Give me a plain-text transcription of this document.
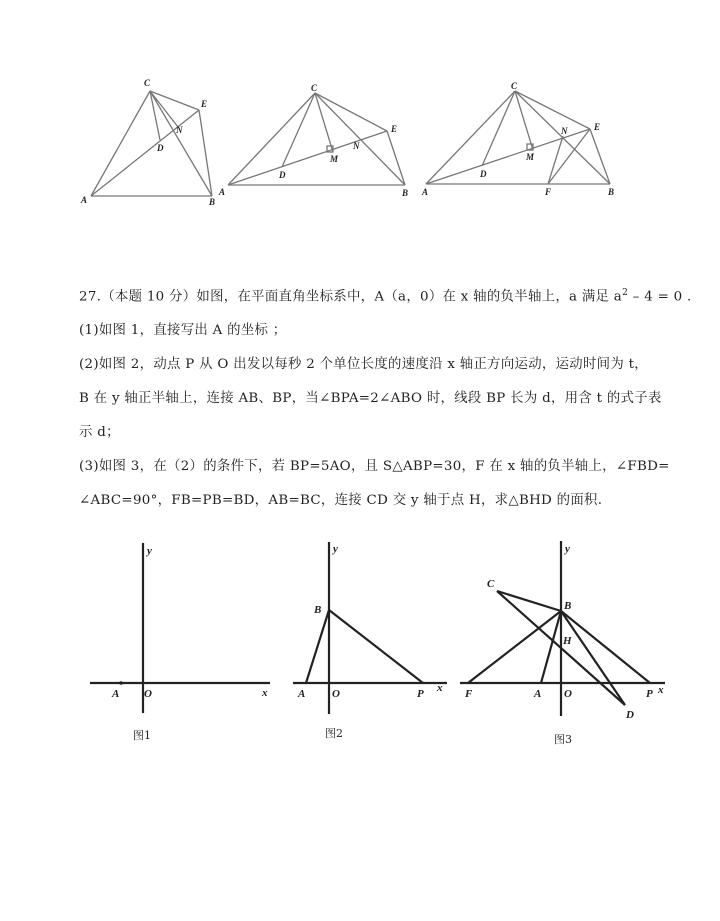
C
E
N
D
A	B
C
E
N
M
D
A	B
C
E
N
M
D
A	F	B

27.（本题 10 分）如图，在平面直角坐标系中，A（a，0）在 x 轴的负半轴上，a 满足 $a^2 - 4 = 0$ .

(1)如图 1，直接写出 A 的坐标 ；

(2)如图 2，动点 P 从 O 出发以每秒 2 个单位长度的速度沿 x 轴正方向运动，运动时间为 t，

B 在 y 轴正半轴上，连接 AB、BP，当∠BPA=2∠ABO 时，线段 BP 长为 d，用含 t 的式子表

示 d；

(3)如图 3，在（2）的条件下，若 BP=5AO，且 S△ABP=30，F 在 x 轴的负半轴上，∠FBD=

∠ABC=90°，FB=PB=BD，AB=BC，连接 CD 交 y 轴于点 H，求△BHD 的面积.

y
x
A O
图1
y
x
B
A O	P
图2
y
x
C
B
H
F	A O	P
D
图3
